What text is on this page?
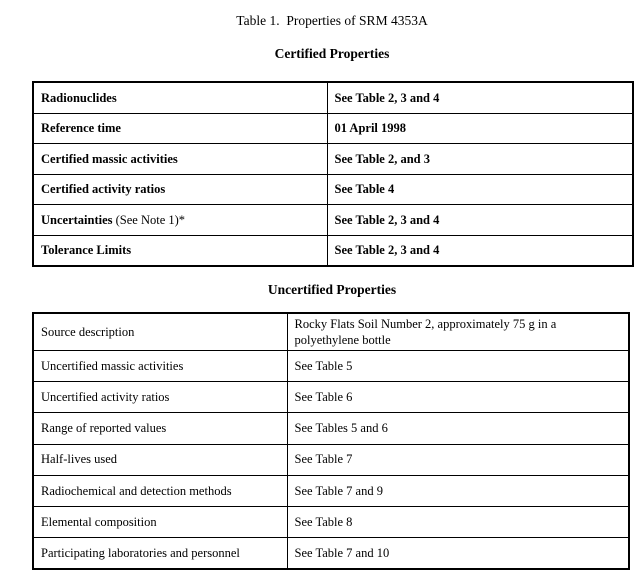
Table 1.  Properties of SRM 4353A
Certified Properties
Radionuclides	See Table 2, 3 and 4
Reference time	01 April 1998
Certified massic activities	See Table 2, and 3
Certified activity ratios	See Table 4
Uncertainties (See Note 1)*	See Table 2, 3 and 4
Tolerance Limits	See Table 2, 3 and 4
Uncertified Properties
Source description	Rocky Flats Soil Number 2, approximately 75 g in a polyethylene bottle
Uncertified massic activities	See Table 5
Uncertified activity ratios	See Table 6
Range of reported values	See Tables 5 and 6
Half-lives used	See Table 7
Radiochemical and detection methods	See Table 7 and 9
Elemental composition	See Table 8
Participating laboratories and personnel	See Table 7 and 10
